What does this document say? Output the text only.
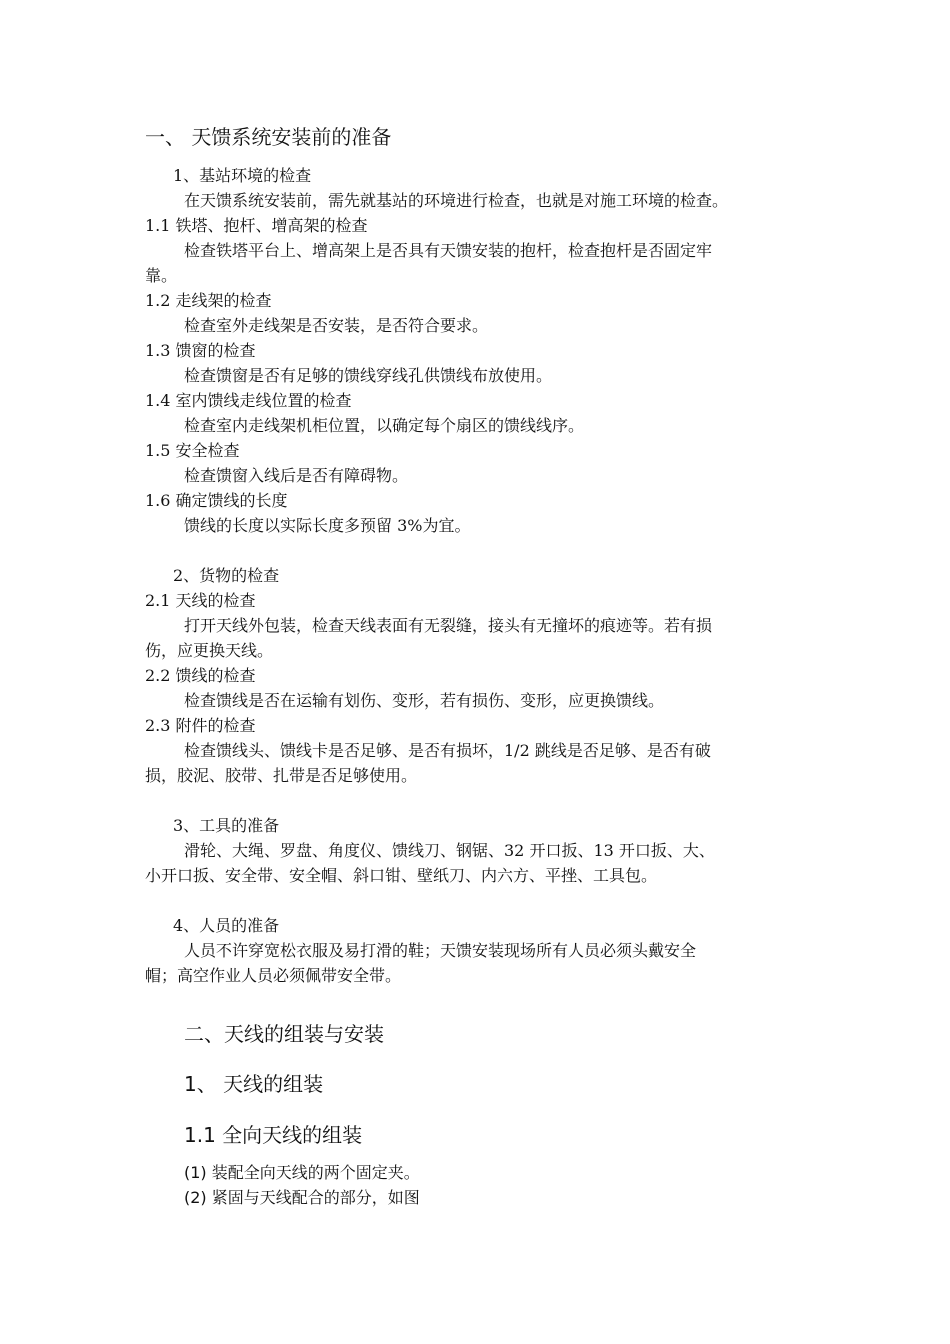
一、 天馈系统安装前的准备
1、基站环境的检查
在天馈系统安装前，需先就基站的环境进行检查，也就是对施工环境的检查。
1.1 铁塔、抱杆、增高架的检查
检查铁塔平台上、增高架上是否具有天馈安装的抱杆，检查抱杆是否固定牢
靠。
1.2 走线架的检查
检查室外走线架是否安装，是否符合要求。
1.3 馈窗的检查
检查馈窗是否有足够的馈线穿线孔供馈线布放使用。
1.4 室内馈线走线位置的检查
检查室内走线架机柜位置，以确定每个扇区的馈线线序。
1.5 安全检查
检查馈窗入线后是否有障碍物。
1.6 确定馈线的长度
馈线的长度以实际长度多预留 3%为宜。
2、货物的检查
2.1 天线的检查
打开天线外包装，检查天线表面有无裂缝，接头有无撞坏的痕迹等。若有损
伤，应更换天线。
2.2 馈线的检查
检查馈线是否在运输有划伤、变形，若有损伤、变形，应更换馈线。
2.3 附件的检查
检查馈线头、馈线卡是否足够、是否有损坏，1/2 跳线是否足够、是否有破
损，胶泥、胶带、扎带是否足够使用。
3、工具的准备
滑轮、大绳、罗盘、角度仪、馈线刀、钢锯、32 开口扳、13 开口扳、大、
小开口扳、安全带、安全帽、斜口钳、壁纸刀、内六方、平挫、工具包。
4、人员的准备
人员不许穿宽松衣服及易打滑的鞋；天馈安装现场所有人员必须头戴安全
帽；高空作业人员必须佩带安全带。
二、天线的组装与安装
1、 天线的组装
1.1 全向天线的组装
(1) 装配全向天线的两个固定夹。
(2) 紧固与天线配合的部分，如图
